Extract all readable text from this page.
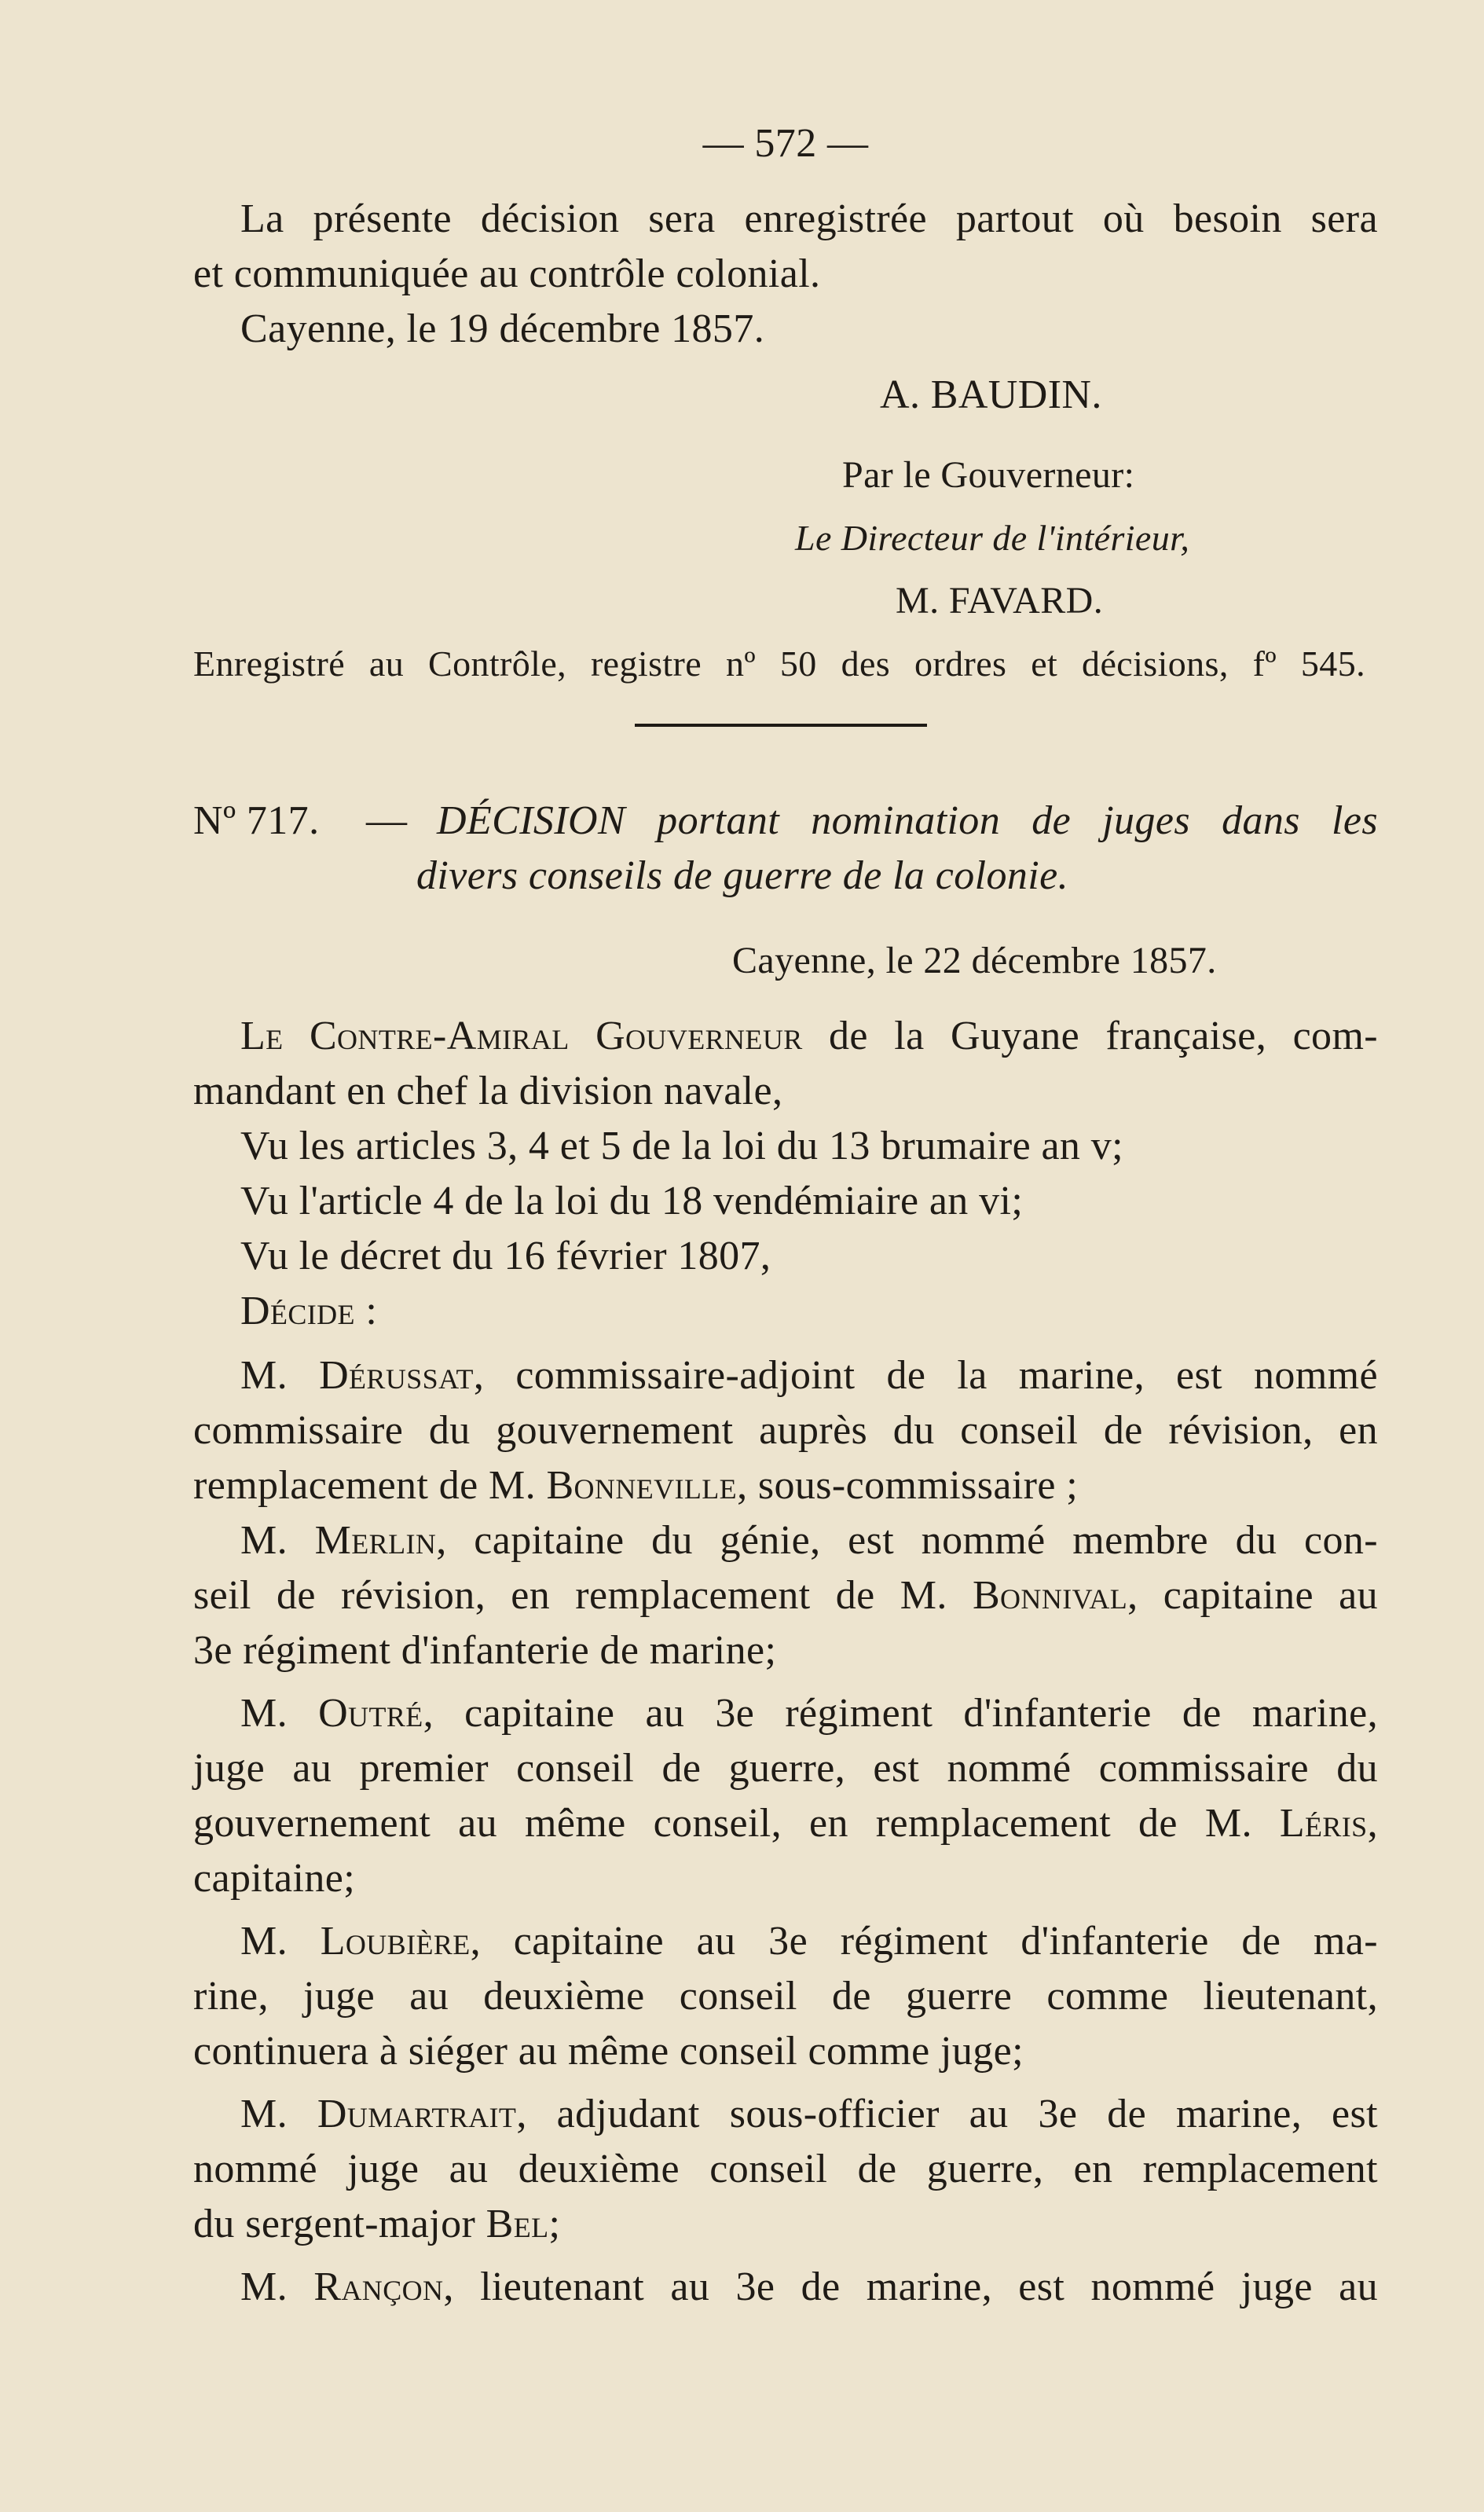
— 572 —
La présente décision sera enregistrée partout où besoin sera
et communiquée au contrôle colonial.
Cayenne, le 19 décembre 1857.
A. BAUDIN.
Par le Gouverneur:
Le Directeur de l'intérieur,
M. FAVARD.
Enregistré au Contrôle, registre nº 50 des ordres et décisions, fº 545.
Nº 717. — DÉCISION portant nomination de juges dans les
divers conseils de guerre de la colonie.
Cayenne, le 22 décembre 1857.
Le Contre-Amiral Gouverneur de la Guyane française, com-
mandant en chef la division navale,
Vu les articles 3, 4 et 5 de la loi du 13 brumaire an v;
Vu l'article 4 de la loi du 18 vendémiaire an vi;
Vu le décret du 16 février 1807,
Décide :
M. Dérussat, commissaire-adjoint de la marine, est nommé
commissaire du gouvernement auprès du conseil de révision, en
remplacement de M. Bonneville, sous-commissaire ;
M. Merlin, capitaine du génie, est nommé membre du con-
seil de révision, en remplacement de M. Bonnival, capitaine au
3e régiment d'infanterie de marine;
M. Outré, capitaine au 3e régiment d'infanterie de marine,
juge au premier conseil de guerre, est nommé commissaire du
gouvernement au même conseil, en remplacement de M. Léris,
capitaine;
M. Loubière, capitaine au 3e régiment d'infanterie de ma-
rine, juge au deuxième conseil de guerre comme lieutenant,
continuera à siéger au même conseil comme juge;
M. Dumartrait, adjudant sous-officier au 3e de marine, est
nommé juge au deuxième conseil de guerre, en remplacement
du sergent-major Bel;
M. Rançon, lieutenant au 3e de marine, est nommé juge au
